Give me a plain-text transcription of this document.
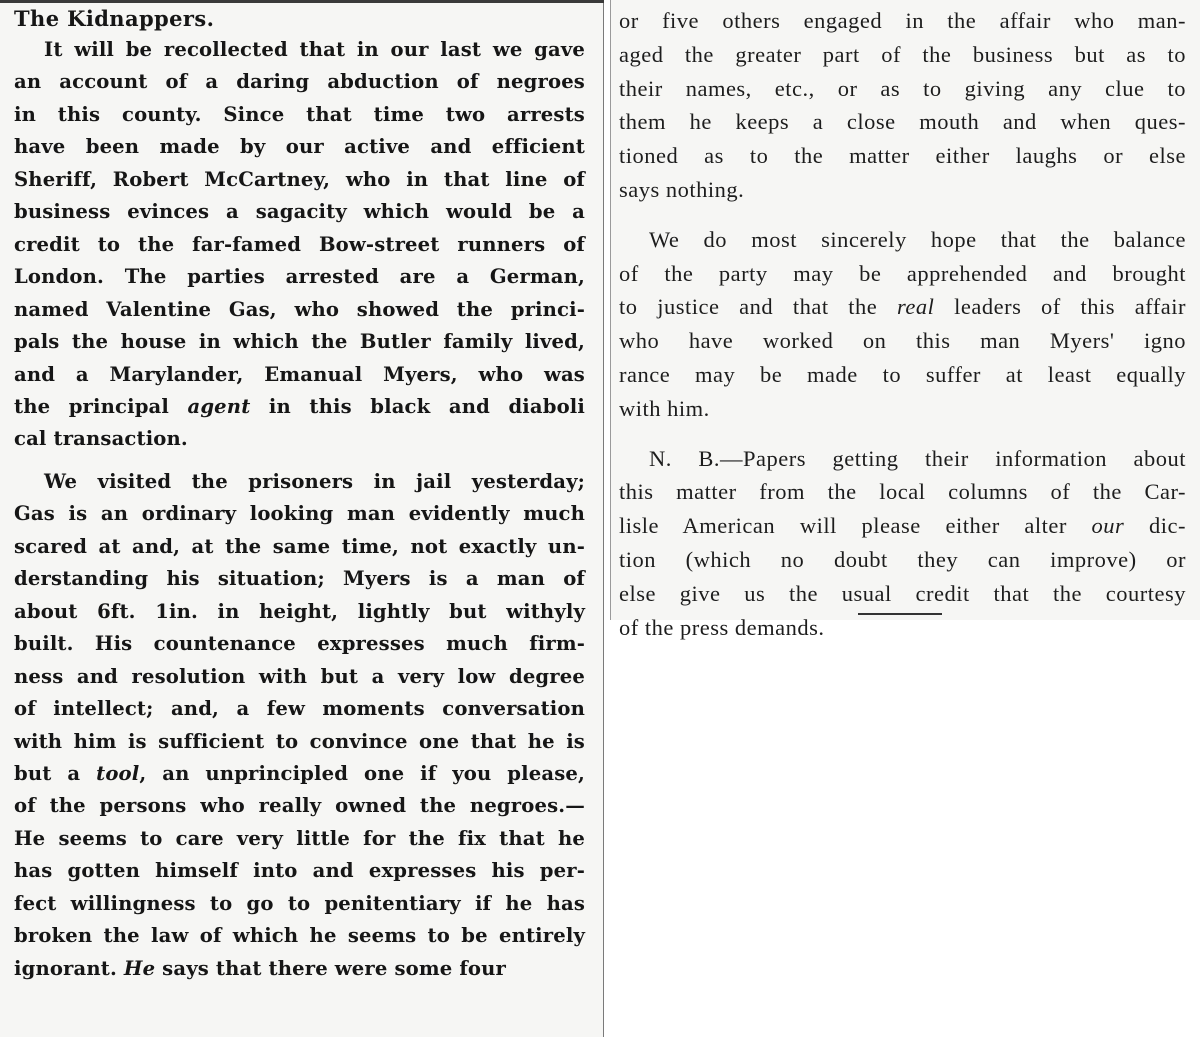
The Kidnappers.
It will be recollected that in our last we gave
an account of a daring abduction of negroes
in this county. Since that time two arrests
have been made by our active and efficient
Sheriff, Robert McCartney, who in that line of
business evinces a sagacity which would be a
credit to the far-famed Bow-street runners of
London. The parties arrested are a German,
named Valentine Gas, who showed the princi-
pals the house in which the Butler family lived,
and a Marylander, Emanual Myers, who was
the principal agent in this black and diaboli
cal transaction.
We visited the prisoners in jail yesterday;
Gas is an ordinary looking man evidently much
scared at and, at the same time, not exactly un-
derstanding his situation; Myers is a man of
about 6ft. 1in. in height, lightly but withyly
built. His countenance expresses much firm-
ness and resolution with but a very low degree
of intellect; and, a few moments conversation
with him is sufficient to convince one that he is
but a tool, an unprincipled one if you please,
of the persons who really owned the negroes.—
He seems to care very little for the fix that he
has gotten himself into and expresses his per-
fect willingness to go to penitentiary if he has
broken the law of which he seems to be entirely
ignorant. He says that there were some four
or five others engaged in the affair who man-
aged the greater part of the business but as to
their names, etc., or as to giving any clue to
them he keeps a close mouth and when ques-
tioned as to the matter either laughs or else
says nothing.
We do most sincerely hope that the balance
of the party may be apprehended and brought
to justice and that the real leaders of this affair
who have worked on this man Myers' igno
rance may be made to suffer at least equally
with him.
N. B.—Papers getting their information about
this matter from the local columns of the Car-
lisle American will please either alter our dic-
tion (which no doubt they can improve) or
else give us the usual credit that the courtesy
of the press demands.
